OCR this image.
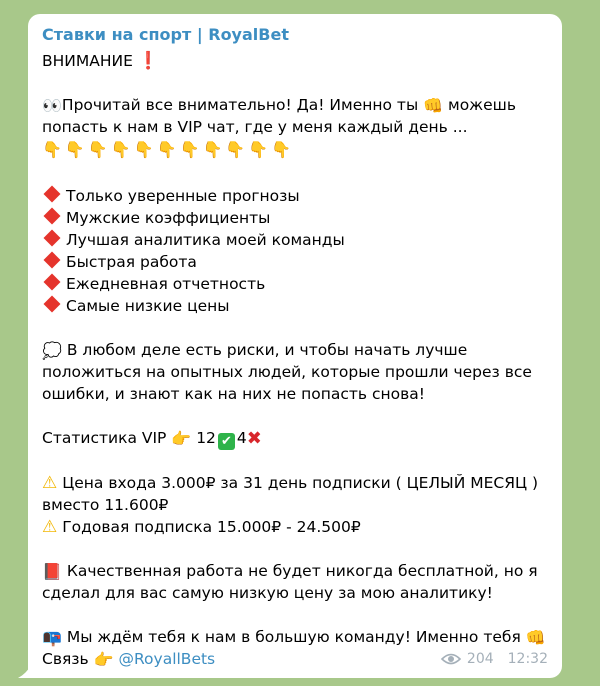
Ставки на спорт | RoyalBet
ВНИМАНИЕ ❗
👀Прочитай все внимательно! Да! Именно ты 👊 можешь
попасть к нам в VIP чат, где у меня каждый день ...
👇👇👇👇👇👇👇👇👇👇👇
Только уверенные прогнозы
Мужские коэффициенты
Лучшая аналитика моей команды
Быстрая работа
Ежедневная отчетность
Самые низкие цены
💭 В любом деле есть риски, и чтобы начать лучше положиться на опытных людей, которые прошли через все ошибки, и знают как на них не попасть снова!
Статистика VIP 👉 12 ✔ 4✖
⚠ Цена входа 3.000₽ за 31 день подписки ( ЦЕЛЫЙ МЕСЯЦ ) вместо 11.600₽
⚠ Годовая подписка 15.000₽ - 24.500₽
📕 Качественная работа не будет никогда бесплатной, но я сделал для вас самую низкую цену за мою аналитику!
📭 Мы ждём тебя к нам в большую команду! Именно тебя 👊
Связь 👉 @RoyallBets	204 12:32
